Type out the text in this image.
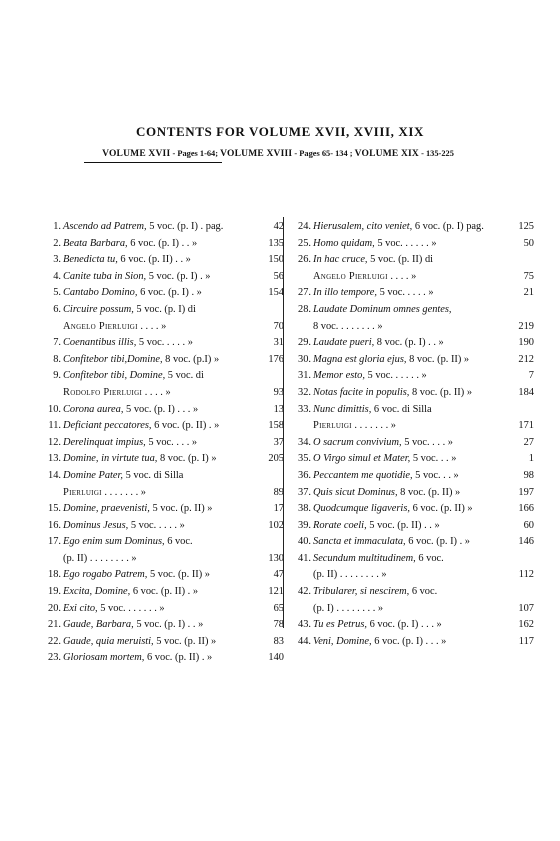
CONTENTS FOR VOLUME XVII, XVIII, XIX
VOLUME XVII - Pages 1-64; VOLUME XVIII - Pages 65- 134 ; VOLUME XIX - 135-225
1. Ascendo ad Patrem, 5 voc. (p. I) . pag.	42
2. Beata Barbara, 6 voc. (p. I) . . »	135
3. Benedicta tu, 6 voc. (p. II) . . »	150
4. Canite tuba in Sion, 5 voc. (p. I) . »	56
5. Cantabo Domino, 6 voc. (p. I) . »	154
6. Circuire possum, 5 voc. (p. I) di
Angelo Pierluigi . . . . »	70
7. Coenantibus illis, 5 voc. . . . . »	31
8. Confitebor tibi,Domine, 8 voc. (p.I) »	176
9. Confitebor tibi, Domine, 5 voc. di
Rodolfo Pierluigi . . . . »	93
10. Corona aurea, 5 voc. (p. I) . . . »	13
11. Deficiant peccatores, 6 voc. (p. II) . »	158
12. Derelinquat impius, 5 voc. . . . »	37
13. Domine, in virtute tua, 8 voc. (p. I) »	205
14. Domine Pater, 5 voc. di Silla
Pierluigi . . . . . . . »	89
15. Domine, praevenisti, 5 voc. (p. II) »	17
16. Dominus Jesus, 5 voc. . . . . »	102
17. Ego enim sum Dominus, 6 voc.
(p. II) . . . . . . . . »	130
18. Ego rogabo Patrem, 5 voc. (p. II) »	47
19. Excita, Domine, 6 voc. (p. II) . »	121
20. Exi cito, 5 voc. . . . . . . »	65
21. Gaude, Barbara, 5 voc. (p. I) . . »	78
22. Gaude, quia meruisti, 5 voc. (p. II) »	83
23. Gloriosam mortem, 6 voc. (p. II) . »	140
24. Hierusalem, cito veniet, 6 voc. (p. I) pag.	125
25. Homo quidam, 5 voc. . . . . . »	50
26. In hac cruce, 5 voc. (p. II) di
Angelo Pierluigi . . . . »	75
27. In illo tempore, 5 voc. . . . . »	21
28. Laudate Dominum omnes gentes,
8 voc. . . . . . . . »	219
29. Laudate pueri, 8 voc. (p. I) . . »	190
30. Magna est gloria ejus, 8 voc. (p. II) »	212
31. Memor esto, 5 voc. . . . . . »	7
32. Notas facite in populis, 8 voc. (p. II) »	184
33. Nunc dimittis, 6 voc. di Silla
Pierluigi . . . . . . . »	171
34. O sacrum convivium, 5 voc. . . . »	27
35. O Virgo simul et Mater, 5 voc. . . »	1
36. Peccantem me quotidie, 5 voc. . . »	98
37. Quis sicut Dominus, 8 voc. (p. II) »	197
38. Quodcumque ligaveris, 6 voc. (p. II) »	166
39. Rorate coeli, 5 voc. (p. II) . . »	60
40. Sancta et immaculata, 6 voc. (p. I) . »	146
41. Secundum multitudinem, 6 voc.
(p. II) . . . . . . . . »	112
42. Tribularer, si nescirem, 6 voc.
(p. I) . . . . . . . . »	107
43. Tu es Petrus, 6 voc. (p. I) . . . »	162
44. Veni, Domine, 6 voc. (p. I) . . . »	117
